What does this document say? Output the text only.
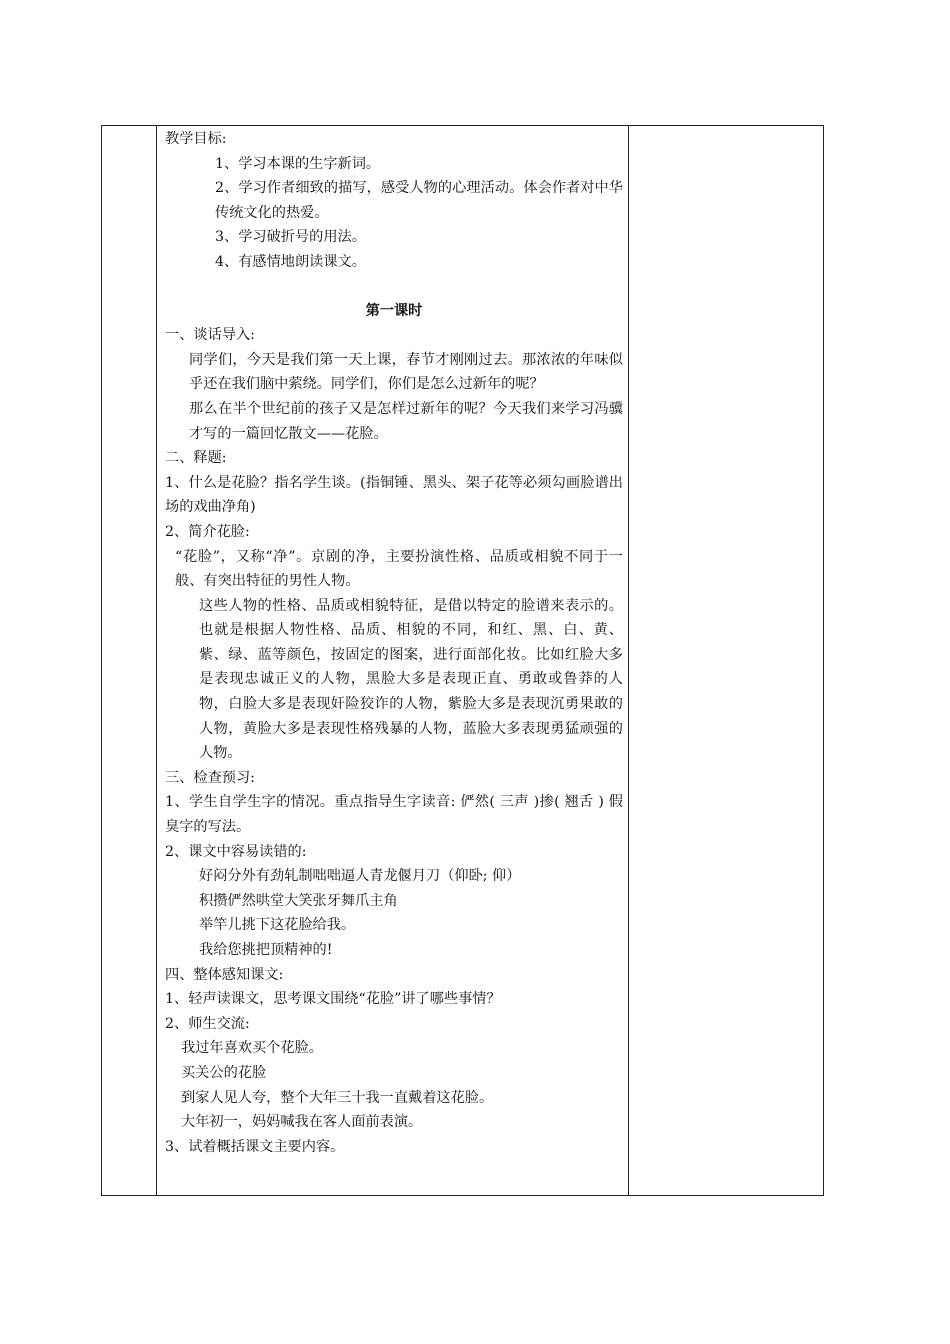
教学目标:

1、学习本课的生字新词。

2、学习作者细致的描写，感受人物的心理活动。体会作者对中华传统文化的热爱。

3、学习破折号的用法。

4、有感情地朗读课文。

第一课时

一、谈话导入:

同学们，今天是我们第一天上课，春节才刚刚过去。那浓浓的年味似乎还在我们脑中萦绕。同学们，你们是怎么过新年的呢？

那么在半个世纪前的孩子又是怎样过新年的呢？今天我们来学习冯骥才写的一篇回忆散文——花脸。

二、释题:

1、什么是花脸？指名学生谈。(指铜锤、黑头、架子花等必须勾画脸谱出场的戏曲净角)

2、简介花脸:

“花脸”，又称“净”。京剧的净，主要扮演性格、品质或相貌不同于一般、有突出特征的男性人物。

这些人物的性格、品质或相貌特征，是借以特定的脸谱来表示的。也就是根据人物性格、品质、相貌的不同，和红、黑、白、黄、紫、绿、蓝等颜色，按固定的图案，进行面部化妆。比如红脸大多是表现忠诚正义的人物，黑脸大多是表现正直、勇敢或鲁莽的人物，白脸大多是表现奸险狡诈的人物，紫脸大多是表现沉勇果敢的人物，黄脸大多是表现性格残暴的人物，蓝脸大多表现勇猛顽强的人物。

三、检查预习:

1、学生自学生字的情况。重点指导生字读音: 俨然( 三声 )掺( 翘舌 ) 假臭字的写法。

2、课文中容易读错的:

好闷分外有劲轧制咄咄逼人青龙偃月刀（仰卧; 仰）

积攒俨然哄堂大笑张牙舞爪主角

举竿儿挑下这花脸给我。

我给您挑把顶精神的!

四、整体感知课文:

1、轻声读课文，思考课文围绕“花脸”讲了哪些事情？

2、师生交流:

我过年喜欢买个花脸。

买关公的花脸

到家人见人夸，整个大年三十我一直戴着这花脸。

大年初一，妈妈喊我在客人面前表演。

3、试着概括课文主要内容。
